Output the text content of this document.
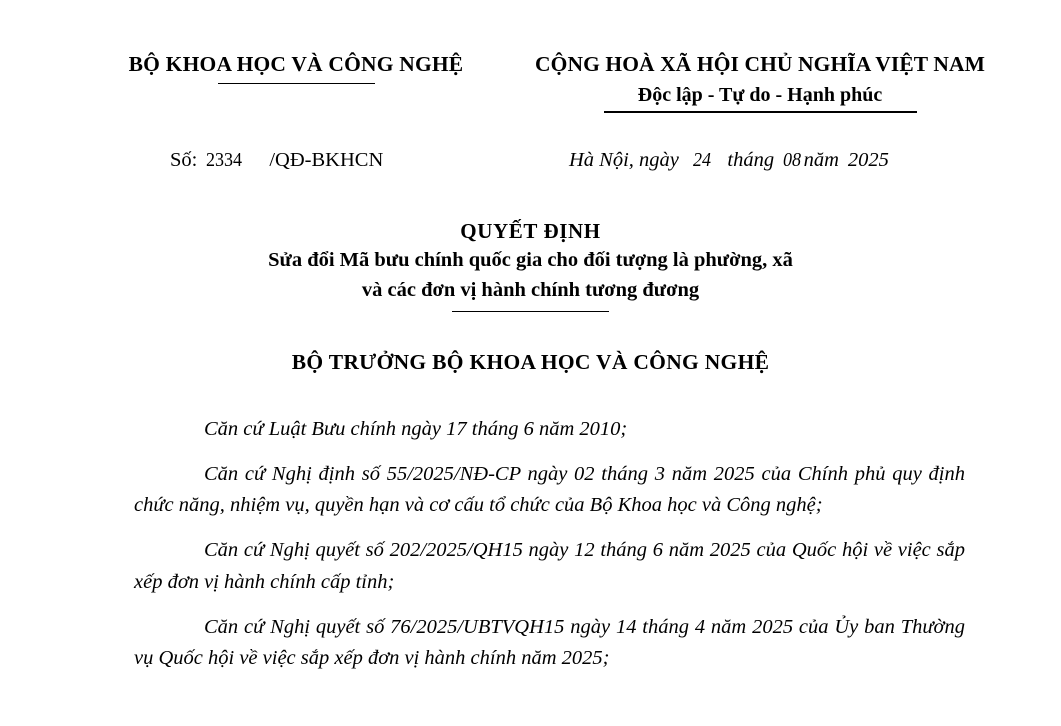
BỘ KHOA HỌC VÀ CÔNG NGHỆ	CỘNG HOÀ XÃ HỘI CHỦ NGHĨA VIỆT NAM
Độc lập - Tự do - Hạnh phúc
Số: 2334 /QĐ-BKHCN	Hà Nội, ngày 24 tháng 08 năm 2025
QUYẾT ĐỊNH
Sửa đổi Mã bưu chính quốc gia cho đối tượng là phường, xã
và các đơn vị hành chính tương đương
BỘ TRƯỞNG BỘ KHOA HỌC VÀ CÔNG NGHỆ

Căn cứ Luật Bưu chính ngày 17 tháng 6 năm 2010;

Căn cứ Nghị định số 55/2025/NĐ-CP ngày 02 tháng 3 năm 2025 của Chính phủ quy định chức năng, nhiệm vụ, quyền hạn và cơ cấu tổ chức của Bộ Khoa học và Công nghệ;

Căn cứ Nghị quyết số 202/2025/QH15 ngày 12 tháng 6 năm 2025 của Quốc hội về việc sắp xếp đơn vị hành chính cấp tỉnh;

Căn cứ Nghị quyết số 76/2025/UBTVQH15 ngày 14 tháng 4 năm 2025 của Ủy ban Thường vụ Quốc hội về việc sắp xếp đơn vị hành chính năm 2025;
